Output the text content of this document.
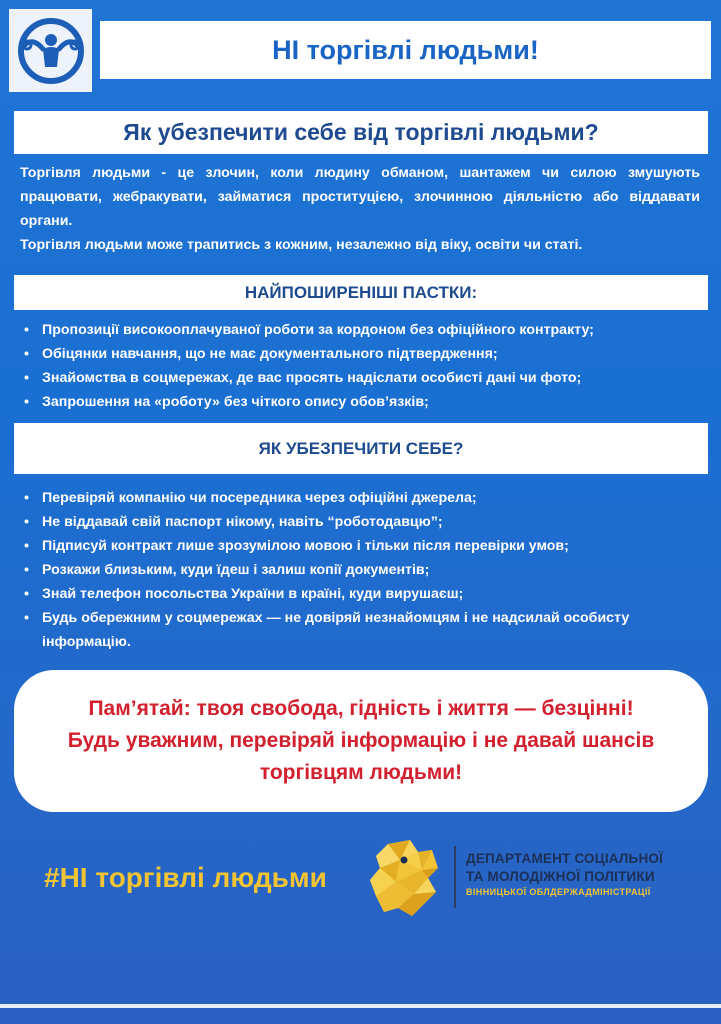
НІ торгівлі людьми!
Як убезпечити себе від торгівлі людьми?

Торгівля людьми - це злочин, коли людину обманом, шантажем чи силою змушують працювати, жебракувати, займатися проституцією, злочинною діяльністю або віддавати органи.

Торгівля людьми може трапитись з кожним, незалежно від віку, освіти чи статі.

НАЙПОШИРЕНІШІ ПАСТКИ:
• Пропозиції високооплачуваної роботи за кордоном без офіційного контракту;
• Обіцянки навчання, що не має документального підтвердження;
• Знайомства в соцмережах, де вас просять надіслати особисті дані чи фото;
• Запрошення на «роботу» без чіткого опису обов’язків;
ЯК УБЕЗПЕЧИТИ СЕБЕ?
• Перевіряй компанію чи посередника через офіційні джерела;
• Не віддавай свій паспорт нікому, навіть “роботодавцю”;
• Підписуй контракт лише зрозумілою мовою і тільки після перевірки умов;
• Розкажи близьким, куди їдеш і залиш копії документів;
• Знай телефон посольства України в країні, куди вирушаєш;
• Будь обережним у соцмережах — не довіряй незнайомцям і не надсилай особисту інформацію.
Пам’ятай: твоя свобода, гідність і життя — безцінні!
Будь уважним, перевіряй інформацію і не давай шансів
торгівцям людьми!
#НІ торгівлі людьми
ДЕПАРТАМЕНТ СОЦІАЛЬНОЇ
ТА МОЛОДІЖНОЇ ПОЛІТИКИ
ВІННИЦЬКОЇ ОБЛДЕРЖАДМІНІСТРАЦІЇ
